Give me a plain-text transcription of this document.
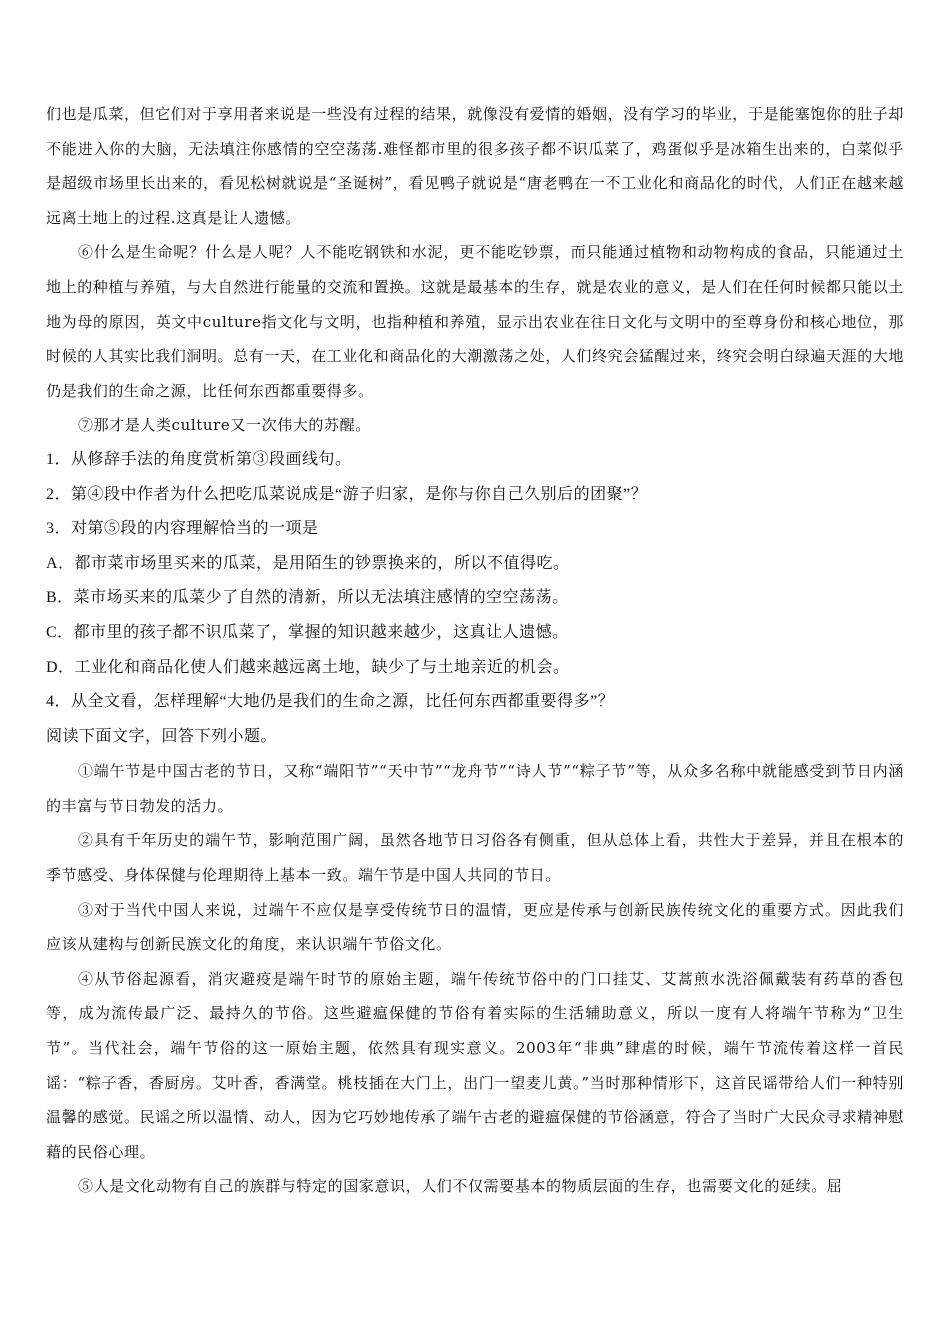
们也是瓜菜，但它们对于享用者来说是一些没有过程的结果，就像没有爱情的婚姻，没有学习的毕业，于是能塞饱你的肚子却不能进入你的大脑，无法填注你感情的空空荡荡.难怪都市里的很多孩子都不识瓜菜了，鸡蛋似乎是冰箱生出来的，白菜似乎是超级市场里长出来的，看见松树就说是“圣诞树”，看见鸭子就说是“唐老鸭在一不工业化和商品化的时代，人们正在越来越远离土地上的过程.这真是让人遗憾。

⑥什么是生命呢？什么是人呢？人不能吃钢铁和水泥，更不能吃钞票，而只能通过植物和动物构成的食品，只能通过土地上的种植与养殖，与大自然进行能量的交流和置换。这就是最基本的生存，就是农业的意义，是人们在任何时候都只能以土地为母的原因，英文中culture指文化与文明，也指种植和养殖，显示出农业在往日文化与文明中的至尊身份和核心地位，那时候的人其实比我们洞明。总有一天，在工业化和商品化的大潮激荡之处，人们终究会猛醒过来，终究会明白绿遍天涯的大地仍是我们的生命之源，比任何东西都重要得多。

⑦那才是人类culture又一次伟大的苏醒。

1．从修辞手法的角度赏析第③段画线句。

2．第④段中作者为什么把吃瓜菜说成是“游子归家，是你与你自己久别后的团聚”？

3．对第⑤段的内容理解恰当的一项是

A．都市菜市场里买来的瓜菜，是用陌生的钞票换来的，所以不值得吃。

B．菜市场买来的瓜菜少了自然的清新，所以无法填注感情的空空荡荡。

C．都市里的孩子都不识瓜菜了，掌握的知识越来越少，这真让人遗憾。

D．工业化和商品化使人们越来越远离土地，缺少了与土地亲近的机会。

4．从全文看，怎样理解“大地仍是我们的生命之源，比任何东西都重要得多”？

阅读下面文字，回答下列小题。

①端午节是中国古老的节日，又称“端阳节”“天中节”“龙舟节”“诗人节”“粽子节”等，从众多名称中就能感受到节日内涵的丰富与节日勃发的活力。

②具有千年历史的端午节，影响范围广阔，虽然各地节日习俗各有侧重，但从总体上看，共性大于差异，并且在根本的季节感受、身体保健与伦理期待上基本一致。端午节是中国人共同的节日。

③对于当代中国人来说，过端午不应仅是享受传统节日的温情，更应是传承与创新民族传统文化的重要方式。因此我们应该从建构与创新民族文化的角度，来认识端午节俗文化。

④从节俗起源看，消灾避疫是端午时节的原始主题，端午传统节俗中的门口挂艾、艾蒿煎水洗浴佩戴装有药草的香包等，成为流传最广泛、最持久的节俗。这些避瘟保健的节俗有着实际的生活辅助意义，所以一度有人将端午节称为“卫生节”。当代社会，端午节俗的这一原始主题，依然具有现实意义。2003年“非典”肆虐的时候，端午节流传着这样一首民谣：“粽子香，香厨房。艾叶香，香满堂。桃枝插在大门上，出门一望麦儿黄。”当时那种情形下，这首民谣带给人们一种特别温馨的感觉。民谣之所以温情、动人，因为它巧妙地传承了端午古老的避瘟保健的节俗涵意，符合了当时广大民众寻求精神慰藉的民俗心理。

⑤人是文化动物有自己的族群与特定的国家意识，人们不仅需要基本的物质层面的生存，也需要文化的延续。屈
